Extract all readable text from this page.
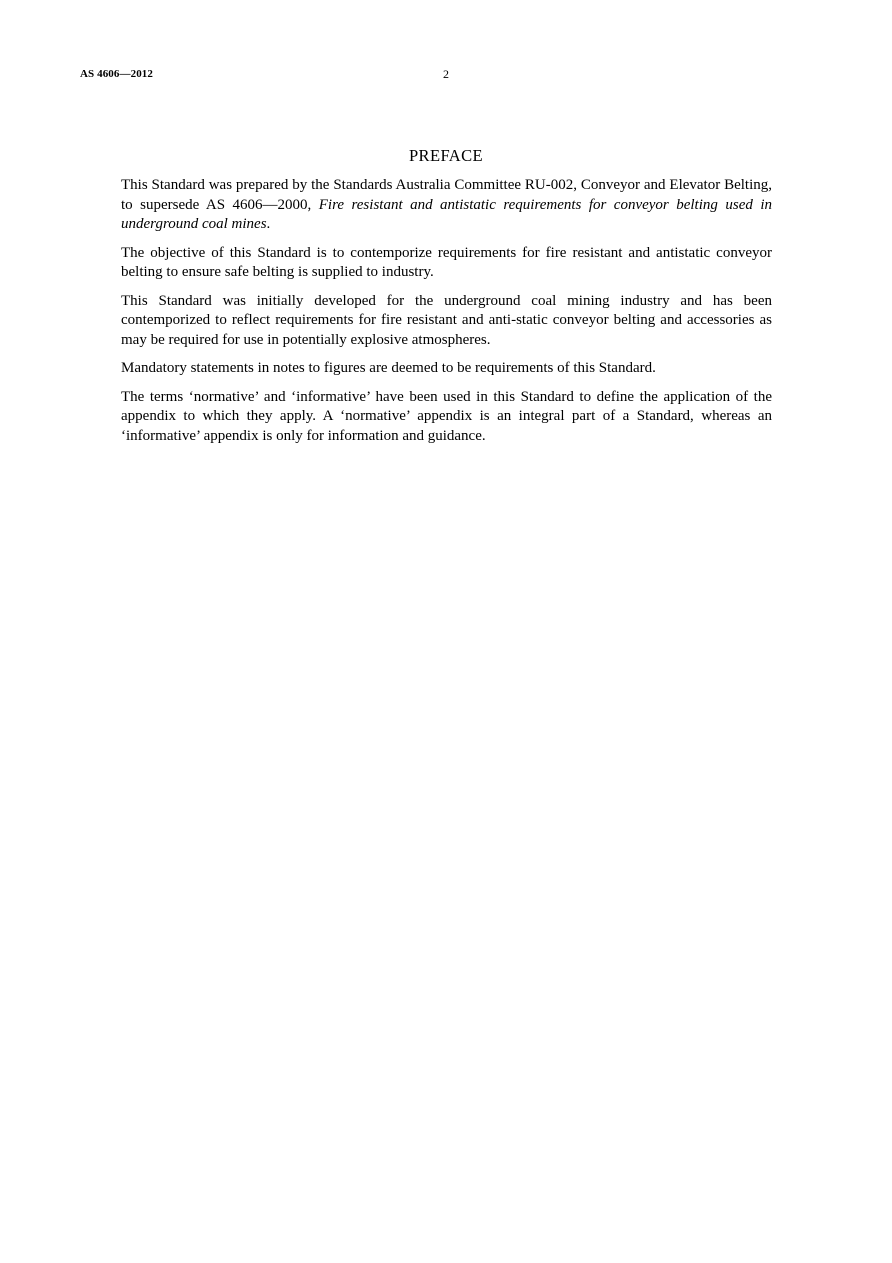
AS 4606—2012	2
PREFACE

This Standard was prepared by the Standards Australia Committee RU-002, Conveyor and Elevator Belting, to supersede AS 4606—2000, Fire resistant and antistatic requirements for conveyor belting used in underground coal mines.

The objective of this Standard is to contemporize requirements for fire resistant and antistatic conveyor belting to ensure safe belting is supplied to industry.

This Standard was initially developed for the underground coal mining industry and has been contemporized to reflect requirements for fire resistant and anti-static conveyor belting and accessories as may be required for use in potentially explosive atmospheres.

Mandatory statements in notes to figures are deemed to be requirements of this Standard.

The terms ‘normative’ and ‘informative’ have been used in this Standard to define the application of the appendix to which they apply. A ‘normative’ appendix is an integral part of a Standard, whereas an ‘informative’ appendix is only for information and guidance.
